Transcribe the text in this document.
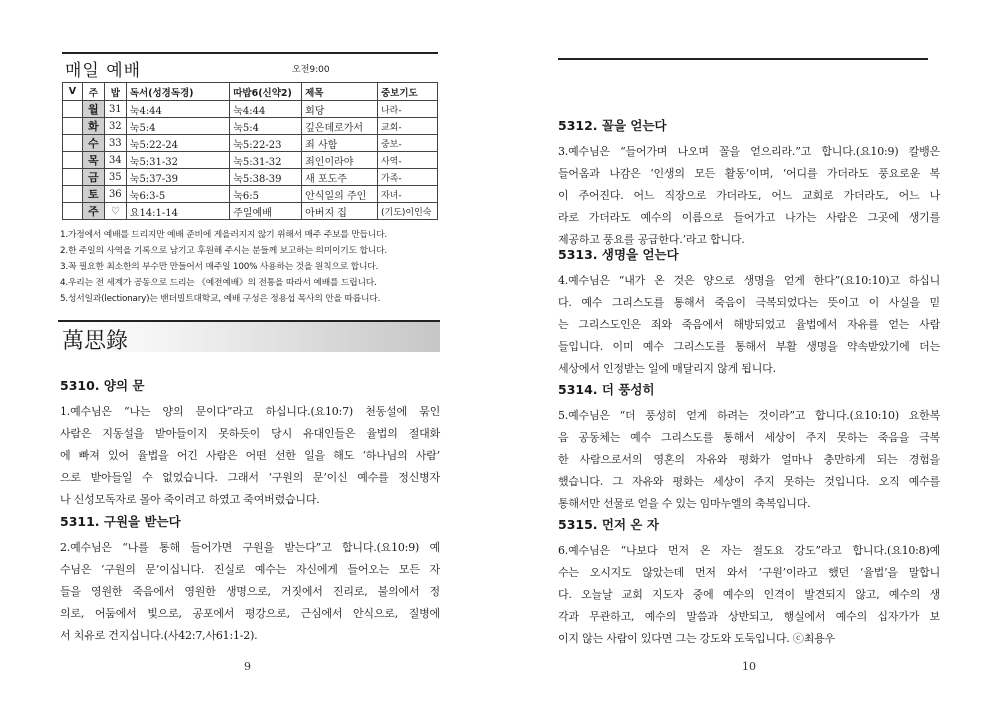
매일 예배	오전9:00
V	주	밥	독서(성경독경)	따밥6(신약2)	제목	중보기도
	월	31	눅4:44	눅4:44	회당	나라-
	화	32	눅5:4	눅5:4	깊은데로가서	교회-
	수	33	눅5:22-24	눅5:22-23	죄 사함	중보-
	목	34	눅5:31-32	눅5:31-32	죄인이라야	사역-
	금	35	눅5:37-39	눅5:38-39	새 포도주	가족-
	토	36	눅6:3-5	눅6:5	안식일의 주인	자녀-
	주	♡	요14:1-14	주일예배	아버지 집	(기도)이인숙
1.가정에서 예배를 드리지만 예배 준비에 게을러지지 않기 위해서 매주 주보를 만듭니다.
2.한 주일의 사역을 기록으로 남기고 후원해 주시는 분들께 보고하는 의미이기도 합니다.
3.꼭 필요한 최소한의 부수만 만들어서 매주일 100% 사용하는 것을 원칙으로 합니다.
4.우리는 전 세계가 공동으로 드리는 《예전예배》의 전통을 따라서 예배를 드립니다.
5.성서일과(lectionary)는 밴더빌트대학교, 예배 구성은 정용섭 목사의 안을 따릅니다.
萬思錄
5310. 양의 문

1.예수님은 “나는 양의 문이다”라고 하십니다.(요10:7) 천동설에 묶인
사람은 지동설을 받아들이지 못하듯이 당시 유대인들은 율법의 절대화
에 빠져 있어 율법을 어긴 사람은 어떤 선한 일을 해도 ‘하나님의 사람’
으로 받아들일 수 없었습니다. 그래서 ‘구원의 문’이신 예수를 정신병자
나 신성모독자로 몰아 죽이려고 하였고 죽여버렸습니다.

5311. 구원을 받는다

2.예수님은 “나를 통해 들어가면 구원을 받는다”고 합니다.(요10:9) 예
수님은 ‘구원의 문’이십니다. 진실로 예수는 자신에게 들어오는 모든 자
들을 영원한 죽음에서 영원한 생명으로, 거짓에서 진리로, 불의에서 정
의로, 어둠에서 빛으로, 공포에서 평강으로, 근심에서 안식으로, 질병에
서 치유로 건지십니다.(사42:7,사61:1-2).

9
5312. 꼴을 얻는다

3.예수님은 “들어가며 나오며 꼴을 얻으리라.”고 합니다.(요10:9) 칼뱅은
들어옴과 나감은 ‘인생의 모든 활동’이며, ‘어디를 가더라도 풍요로운 복
이 주어진다. 어느 직장으로 가더라도, 어느 교회로 가더라도, 어느 나
라로 가더라도 예수의 이름으로 들어가고 나가는 사람은 그곳에 생기를
제공하고 풍요를 공급한다.’라고 합니다.

5313. 생명을 얻는다

4.예수님은 “내가 온 것은 양으로 생명을 얻게 한다”(요10:10)고 하십니
다. 예수 그리스도를 통해서 죽음이 극복되었다는 뜻이고 이 사실을 믿
는 그리스도인은 죄와 죽음에서 해방되었고 율법에서 자유를 얻는 사람
들입니다. 이미 예수 그리스도를 통해서 부활 생명을 약속받았기에 더는
세상에서 인정받는 일에 매달리지 않게 됩니다.

5314. 더 풍성히

5.예수님은 “더 풍성히 얻게 하려는 것이라”고 합니다.(요10:10) 요한복
음 공동체는 예수 그리스도를 통해서 세상이 주지 못하는 죽음을 극복
한 사람으로서의 영혼의 자유와 평화가 얼마나 충만하게 되는 경험을
했습니다. 그 자유와 평화는 세상이 주지 못하는 것입니다. 오직 예수를
통해서만 선물로 얻을 수 있는 임마누엘의 축복입니다.

5315. 먼저 온 자

6.예수님은 “나보다 먼저 온 자는 절도요 강도”라고 합니다.(요10:8)예
수는 오시지도 않았는데 먼저 와서 ‘구원’이라고 했던 ‘율법’을 말합니
다. 오늘날 교회 지도자 중에 예수의 인격이 발견되지 않고, 예수의 생
각과 무관하고, 예수의 말씀과 상반되고, 행실에서 예수의 십자가가 보
이지 않는 사람이 있다면 그는 강도와 도둑입니다. ⓒ최용우

10
